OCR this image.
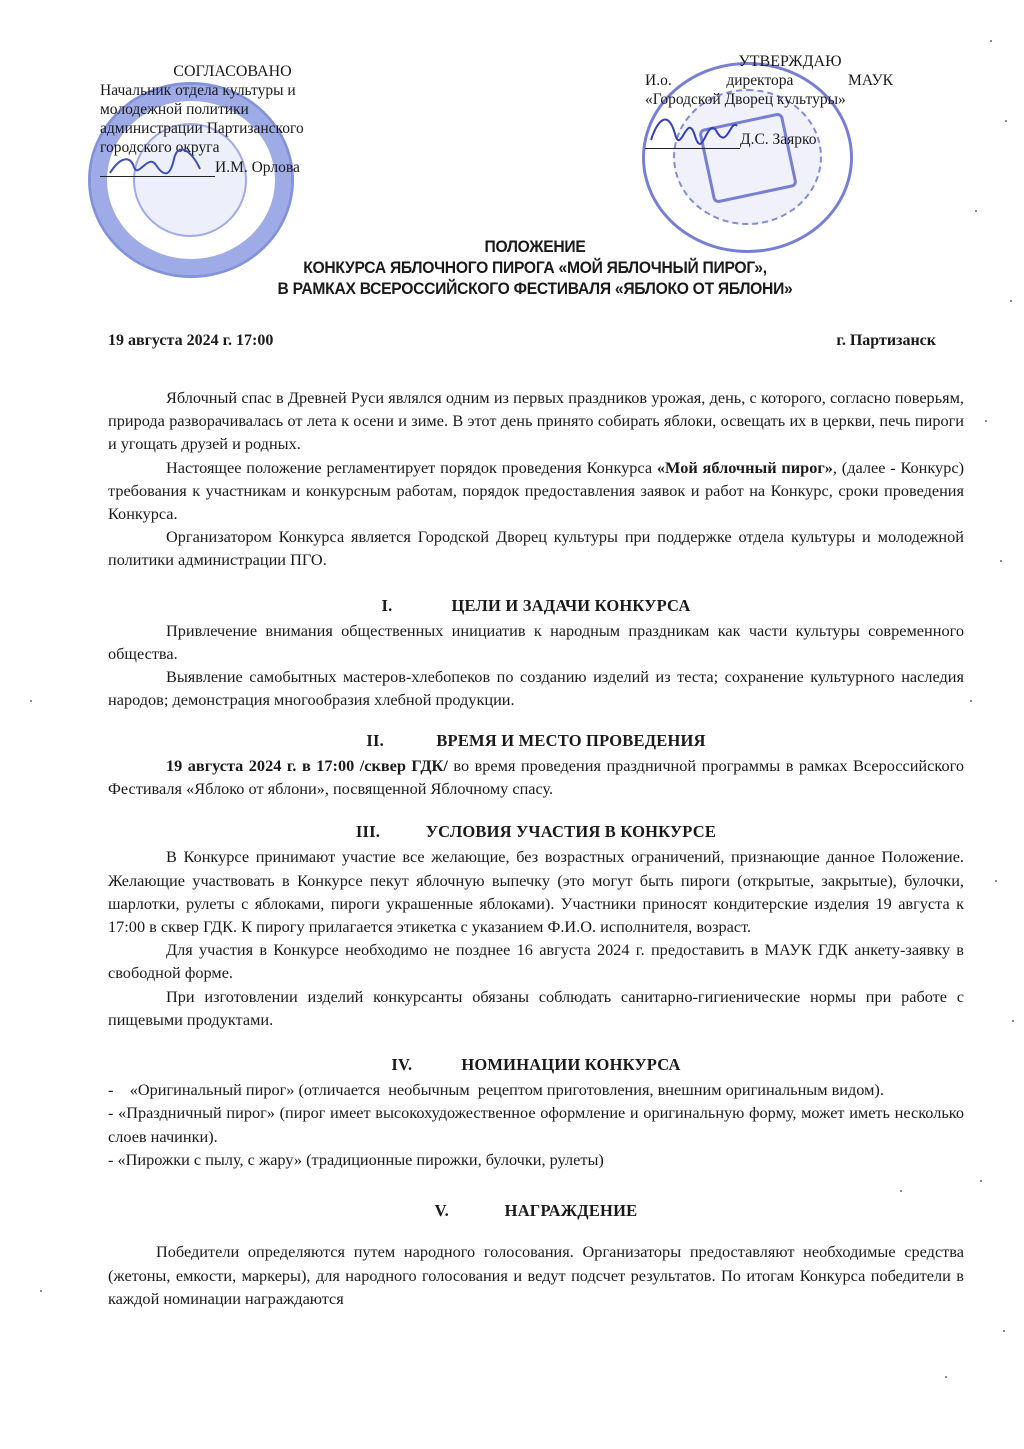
СОГЛАСОВАНО
Начальник отдела культуры и
молодежной политики
администрации Партизанского
городского округа
И.М. Орлова
УТВЕРЖДАЮ
И.о.	директора	МАУК
«Городской Дворец культуры»
Д.С. Заярко
ПОЛОЖЕНИЕ
КОНКУРСА ЯБЛОЧНОГО ПИРОГА «МОЙ ЯБЛОЧНЫЙ ПИРОГ»,
В РАМКАХ ВСЕРОССИЙСКОГО ФЕСТИВАЛЯ «ЯБЛОКО ОТ ЯБЛОНИ»
19 августа 2024 г. 17:00	г. Партизанск

Яблочный спас в Древней Руси являлся одним из первых праздников урожая, день, с которого, согласно поверьям, природа разворачивалась от лета к осени и зиме. В этот день принято собирать яблоки, освещать их в церкви, печь пироги и угощать друзей и родных.

Настоящее положение регламентирует порядок проведения Конкурса «Мой яблочный пирог», (далее - Конкурс) требования к участникам и конкурсным работам, порядок предоставления заявок и работ на Конкурс, сроки проведения Конкурса.

Организатором Конкурса является Городской Дворец культуры при поддержке отдела культуры и молодежной политики администрации ПГО.

I.	ЦЕЛИ И ЗАДАЧИ КОНКУРСА

Привлечение внимания общественных инициатив к народным праздникам как части культуры современного общества.

Выявление самобытных мастеров-хлебопеков по созданию изделий из теста; сохранение культурного наследия народов; демонстрация многообразия хлебной продукции.

II.	ВРЕМЯ И МЕСТО ПРОВЕДЕНИЯ

19 августа 2024 г. в 17:00 /сквер ГДК/ во время проведения праздничной программы в рамках Всероссийского Фестиваля «Яблоко от яблони», посвященной Яблочному спасу.

III.	УСЛОВИЯ УЧАСТИЯ В КОНКУРСЕ

В Конкурсе принимают участие все желающие, без возрастных ограничений, признающие данное Положение. Желающие участвовать в Конкурсе пекут яблочную выпечку (это могут быть пироги (открытые, закрытые), булочки, шарлотки, рулеты с яблоками, пироги украшенные яблоками). Участники приносят кондитерские изделия 19 августа к 17:00 в сквер ГДК. К пирогу прилагается этикетка с указанием Ф.И.О. исполнителя, возраст.

Для участия в Конкурсе необходимо не позднее 16 августа 2024 г. предоставить в МАУК ГДК анкету-заявку в свободной форме.

При изготовлении изделий конкурсанты обязаны соблюдать санитарно-гигиенические нормы при работе с пищевыми продуктами.

IV.	НОМИНАЦИИ КОНКУРСА

-    «Оригинальный пирог» (отличается  необычным  рецептом приготовления, внешним оригинальным видом).

- «Праздничный пирог» (пирог имеет высокохудожественное оформление и оригинальную форму, может иметь несколько слоев начинки).

- «Пирожки с пылу, с жару» (традиционные пирожки, булочки, рулеты)

V.	НАГРАЖДЕНИЕ

Победители определяются путем народного голосования. Организаторы предоставляют необходимые средства (жетоны, емкости, маркеры), для народного голосования и ведут подсчет результатов. По итогам Конкурса победители в каждой номинации награждаются
